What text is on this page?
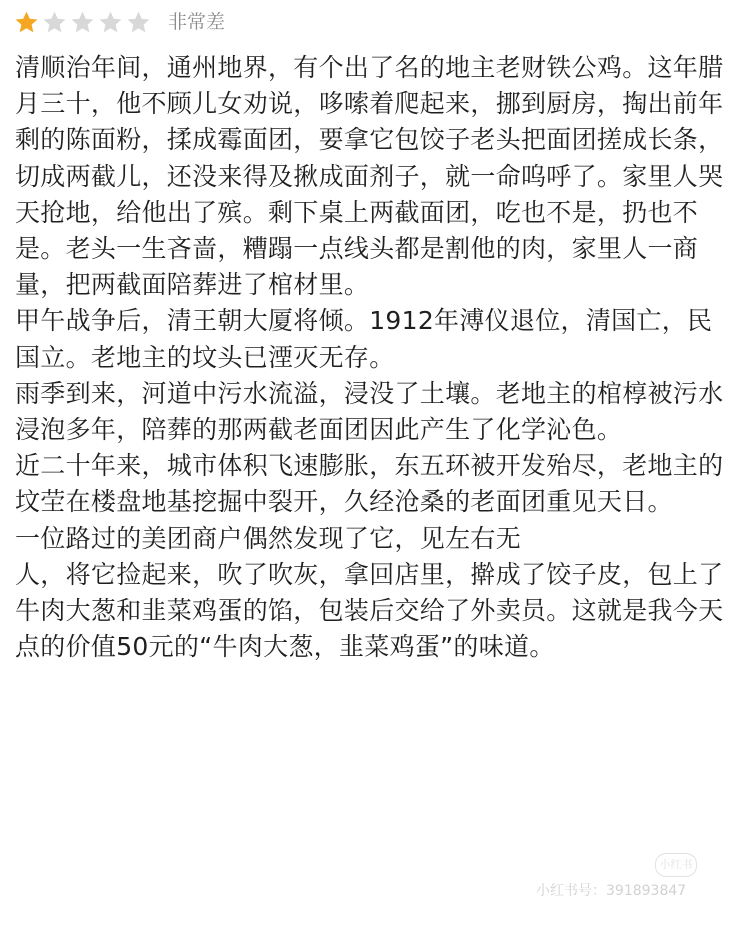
非常差

清顺治年间，通州地界，有个出了名的地主老财铁公鸡。这年腊月三十，他不顾儿女劝说，哆嗦着爬起来，挪到厨房，掏出前年剩的陈面粉，揉成霉面团，要拿它包饺子老头把面团搓成长条，切成两截儿，还没来得及揪成面剂子，就一命呜呼了。家里人哭天抢地，给他出了殡。剩下桌上两截面团，吃也不是，扔也不是。老头一生吝啬，糟蹋一点线头都是割他的肉，家里人一商量，把两截面陪葬进了棺材里。

甲午战争后，清王朝大厦将倾。1912年溥仪退位，清国亡，民国立。老地主的坟头已湮灭无存。

雨季到来，河道中污水流溢，浸没了土壤。老地主的棺椁被污水浸泡多年，陪葬的那两截老面团因此产生了化学沁色。

近二十年来，城市体积飞速膨胀，东五环被开发殆尽，老地主的坟茔在楼盘地基挖掘中裂开，久经沧桑的老面团重见天日。

一位路过的美团商户偶然发现了它，见左右无

人，将它捡起来，吹了吹灰，拿回店里，擀成了饺子皮，包上了牛肉大葱和韭菜鸡蛋的馅，包装后交给了外卖员。这就是我今天点的价值50元的“牛肉大葱，韭菜鸡蛋”的味道。

小红书
小红书号：391893847
